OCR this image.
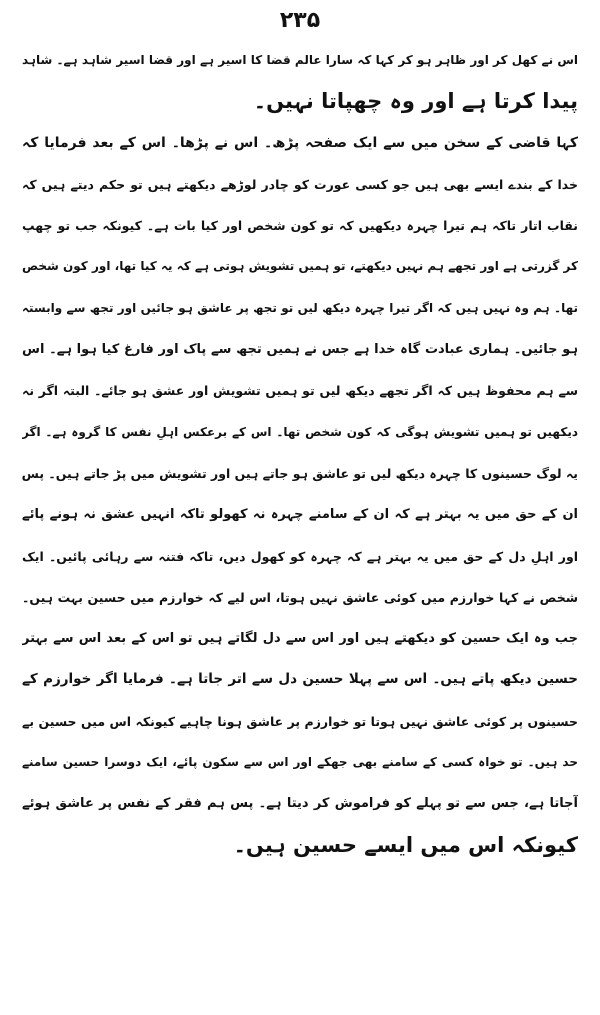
۲۳۵
اس نے کھل کر اور ظاہر ہو کر کہا کہ سارا عالم قضا کا اسیر ہے اور قضا اسیر شاہد ہے۔ شاہد
پیدا کرتا ہے اور وہ چھپاتا نہیں۔
کہا قاضی کے سخن میں سے ایک صفحہ پڑھ۔ اس نے پڑھا۔ اس کے بعد فرمایا کہ
خدا کے بندے ایسے بھی ہیں جو کسی عورت کو چادر لوڑھے دیکھتے ہیں تو حکم دیتے ہیں کہ
نقاب اتار تاکہ ہم تیرا چہرہ دیکھیں کہ تو کون شخص اور کیا بات ہے۔ کیونکہ جب تو چھپ
کر گزرتی ہے اور تجھے ہم نہیں دیکھتے، تو ہمیں تشویش ہوتی ہے کہ یہ کیا تھا، اور کون شخص
تھا۔ ہم وہ نہیں ہیں کہ اگر تیرا چہرہ دیکھ لیں تو تجھ پر عاشق ہو جائیں اور تجھ سے وابستہ
ہو جائیں۔ ہماری عبادت گاہ خدا ہے جس نے ہمیں تجھ سے پاک اور فارغ کیا ہوا ہے۔ اس
سے ہم محفوظ ہیں کہ اگر تجھے دیکھ لیں تو ہمیں تشویش اور عشق ہو جائے۔ البتہ اگر نہ
دیکھیں تو ہمیں تشویش ہوگی کہ کون شخص تھا۔ اس کے برعکس اہلِ نفس کا گروہ ہے۔ اگر
یہ لوگ حسینوں کا چہرہ دیکھ لیں تو عاشق ہو جاتے ہیں اور تشویش میں پڑ جاتے ہیں۔ پس
ان کے حق میں یہ بہتر ہے کہ ان کے سامنے چہرہ نہ کھولو تاکہ انہیں عشق نہ ہونے پائے
اور اہلِ دل کے حق میں یہ بہتر ہے کہ چہرہ کو کھول دیں، تاکہ فتنہ سے رہائی پائیں۔ ایک
شخص نے کہا خوارزم میں کوئی عاشق نہیں ہوتا، اس لیے کہ خوارزم میں حسین بہت ہیں۔
جب وہ ایک حسین کو دیکھتے ہیں اور اس سے دل لگاتے ہیں تو اس کے بعد اس سے بہتر
حسین دیکھ پاتے ہیں۔ اس سے پہلا حسین دل سے اتر جاتا ہے۔ فرمایا اگر خوارزم کے
حسینوں پر کوئی عاشق نہیں ہوتا تو خوارزم پر عاشق ہونا چاہیے کیونکہ اس میں حسین بے
حد ہیں۔ تو خواہ کسی کے سامنے بھی جھکے اور اس سے سکون پائے، ایک دوسرا حسین سامنے
آجاتا ہے، جس سے تو پہلے کو فراموش کر دیتا ہے۔ پس ہم فقر کے نفس پر عاشق ہوئے
کیونکہ اس میں ایسے حسین ہیں۔
